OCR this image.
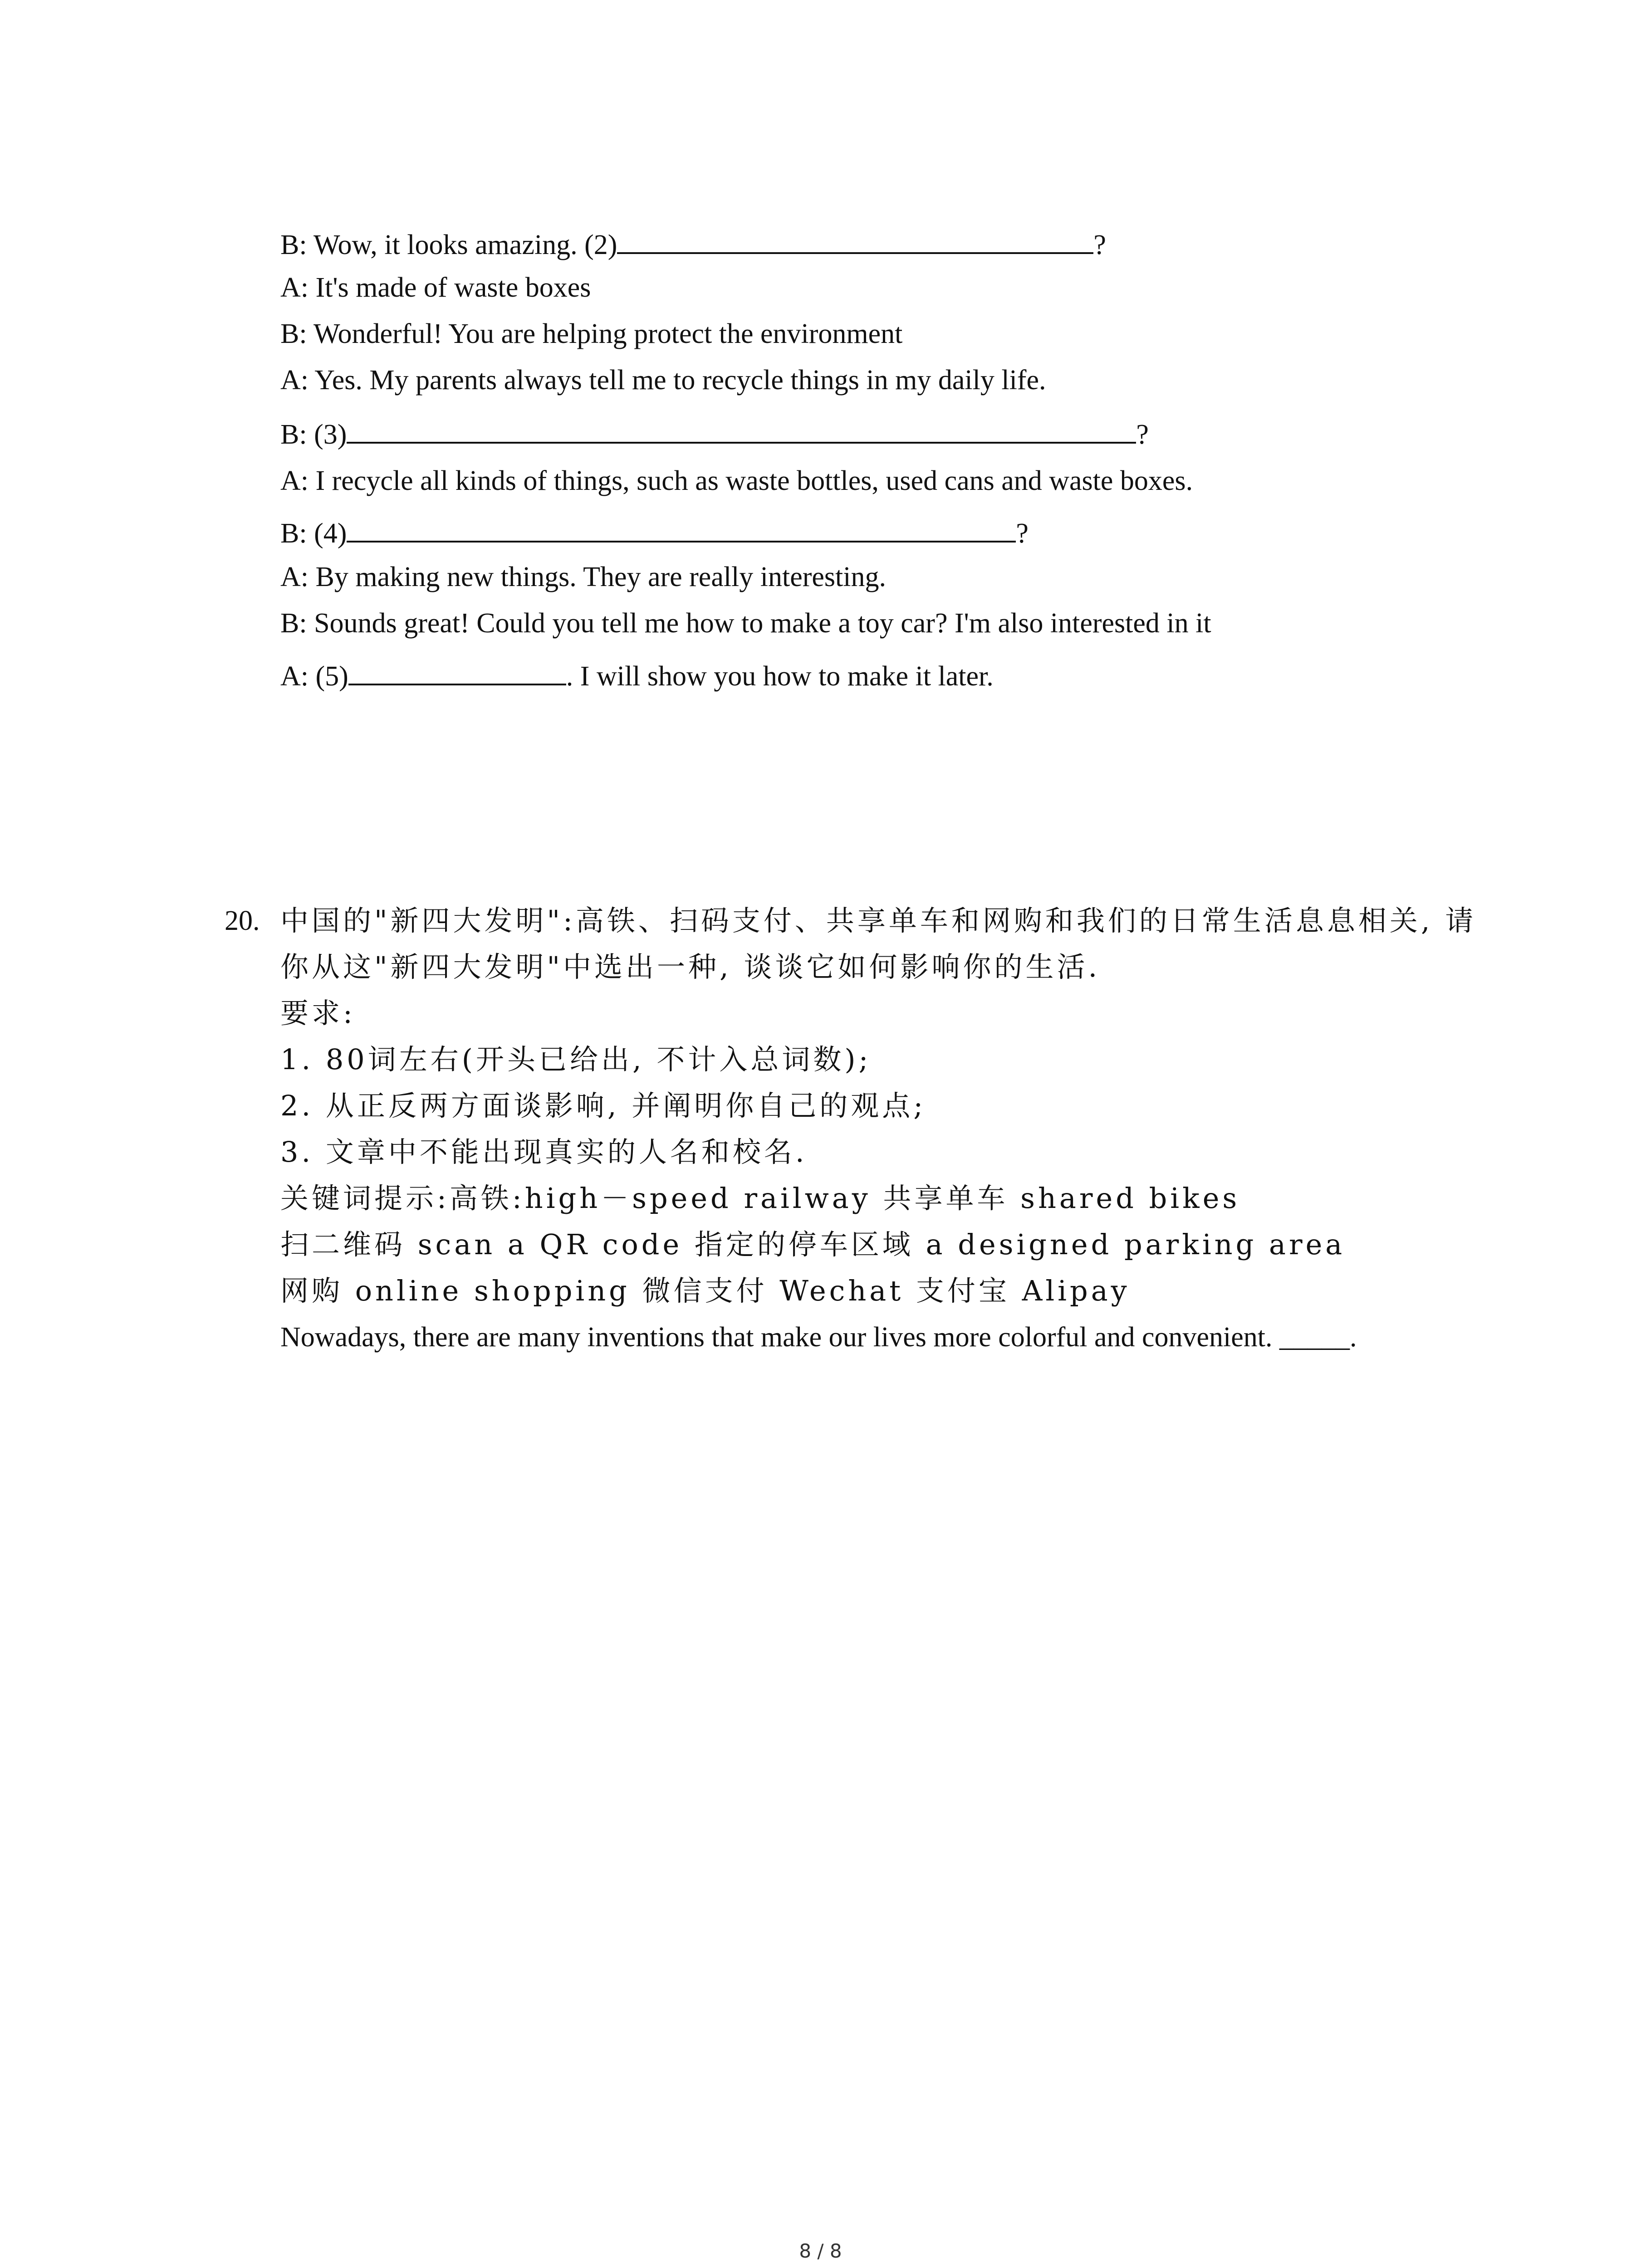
B: Wow, it looks amazing. (2)	?
A: It's made of waste boxes
B: Wonderful! You are helping protect the environment
A: Yes. My parents always tell me to recycle things in my daily life.
B: (3)	?
A: I recycle all kinds of things, such as waste bottles, used cans and waste boxes.
B: (4)	?
A: By making new things. They are really interesting.
B: Sounds great! Could you tell me how to make a toy car? I'm also interested in it
A: (5)	. I will show you how to make it later.
20. 中国的"新四大发明":高铁、扫码支付、共享单车和网购和我们的日常生活息息相关, 请
你从这"新四大发明"中选出一种, 谈谈它如何影响你的生活.
要求:
1. 80词左右(开头已给出, 不计入总词数);
2. 从正反两方面谈影响, 并阐明你自己的观点;
3. 文章中不能出现真实的人名和校名.
关键词提示:高铁:high－speed railway 共享单车 shared bikes
扫二维码 scan a QR code 指定的停车区域 a designed parking area
网购 online shopping 微信支付 Wechat 支付宝 Alipay
Nowadays, there are many inventions that make our lives more colorful and convenient. _____.
8 / 8
